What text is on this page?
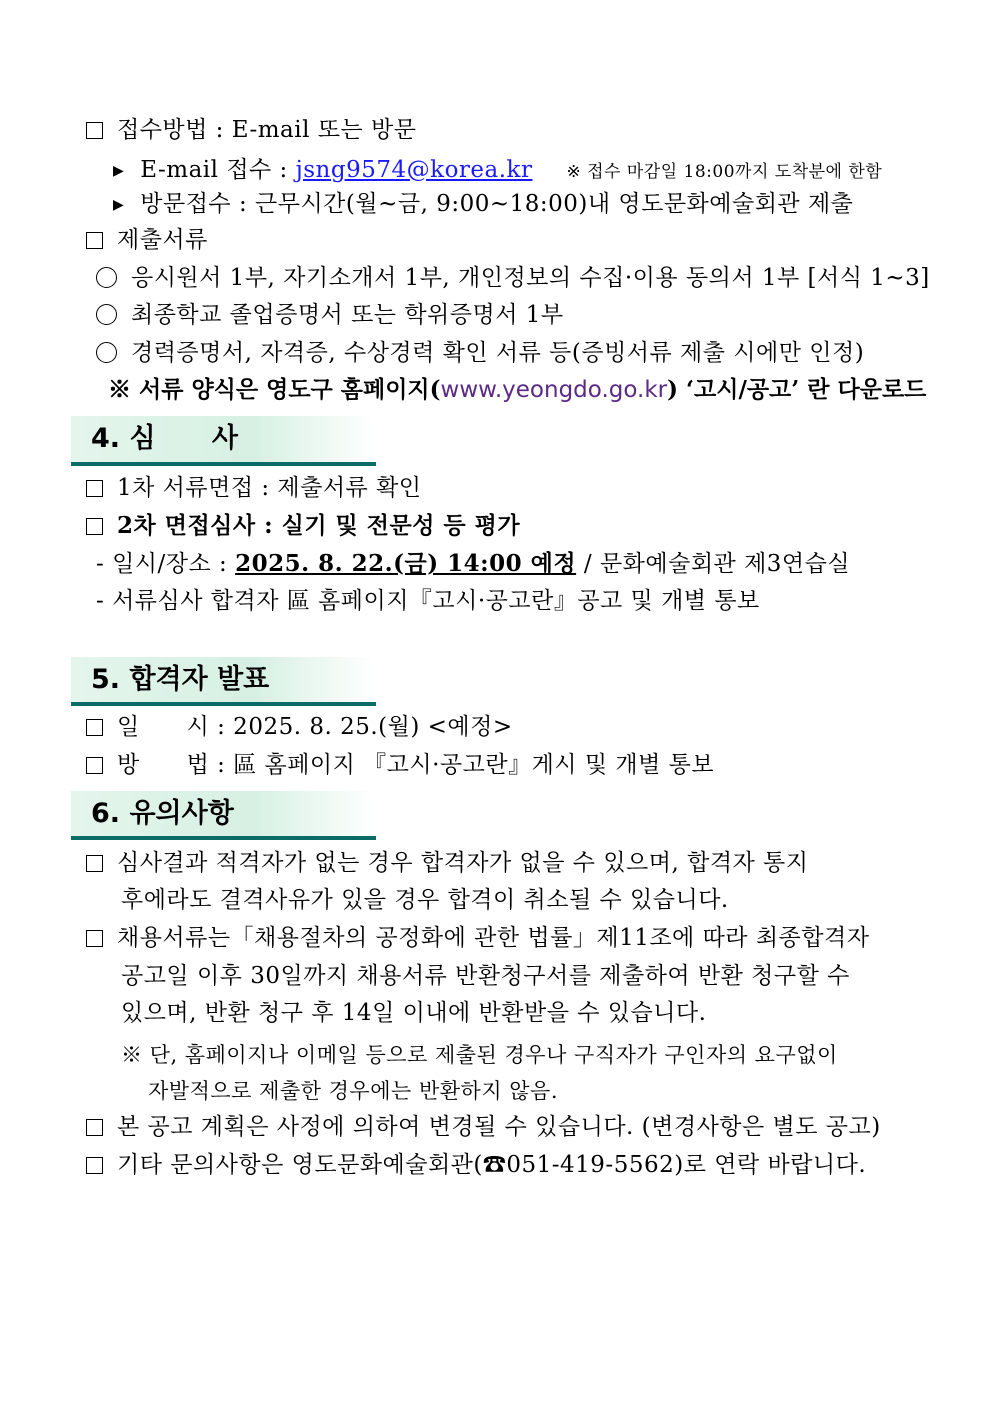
접수방법 : E-mail 또는 방문
▶ E-mail 접수 : jsng9574@korea.kr ※ 접수 마감일 18:00까지 도착분에 한함
▶ 방문접수 : 근무시간(월~금, 9:00~18:00)내 영도문화예술회관 제출
제출서류
응시원서 1부, 자기소개서 1부, 개인정보의 수집·이용 동의서 1부 [서식 1~3]
최종학교 졸업증명서 또는 학위증명서 1부
경력증명서, 자격증, 수상경력 확인 서류 등(증빙서류 제출 시에만 인정)
※ 서류 양식은 영도구 홈페이지(www.yeongdo.go.kr) ‘고시/공고’ 란 다운로드
4. 심      사
1차 서류면접 : 제출서류 확인
2차 면접심사 : 실기 및 전문성 등 평가
- 일시/장소 : 2025. 8. 22.(금) 14:00 예정 / 문화예술회관 제3연습실
- 서류심사 합격자 區 홈페이지『고시·공고란』공고 및 개별 통보
5. 합격자 발표
일      시 : 2025. 8. 25.(월) <예정>
방      법 : 區 홈페이지 『고시·공고란』게시 및 개별 통보
6. 유의사항
심사결과 적격자가 없는 경우 합격자가 없을 수 있으며, 합격자 통지
후에라도 결격사유가 있을 경우 합격이 취소될 수 있습니다.
채용서류는「채용절차의 공정화에 관한 법률」제11조에 따라 최종합격자
공고일 이후 30일까지 채용서류 반환청구서를 제출하여 반환 청구할 수
있으며, 반환 청구 후 14일 이내에 반환받을 수 있습니다.
※ 단, 홈페이지나 이메일 등으로 제출된 경우나 구직자가 구인자의 요구없이
자발적으로 제출한 경우에는 반환하지 않음.
본 공고 계획은 사정에 의하여 변경될 수 있습니다. (변경사항은 별도 공고)
기타 문의사항은 영도문화예술회관(☎051-419-5562)로 연락 바랍니다.
